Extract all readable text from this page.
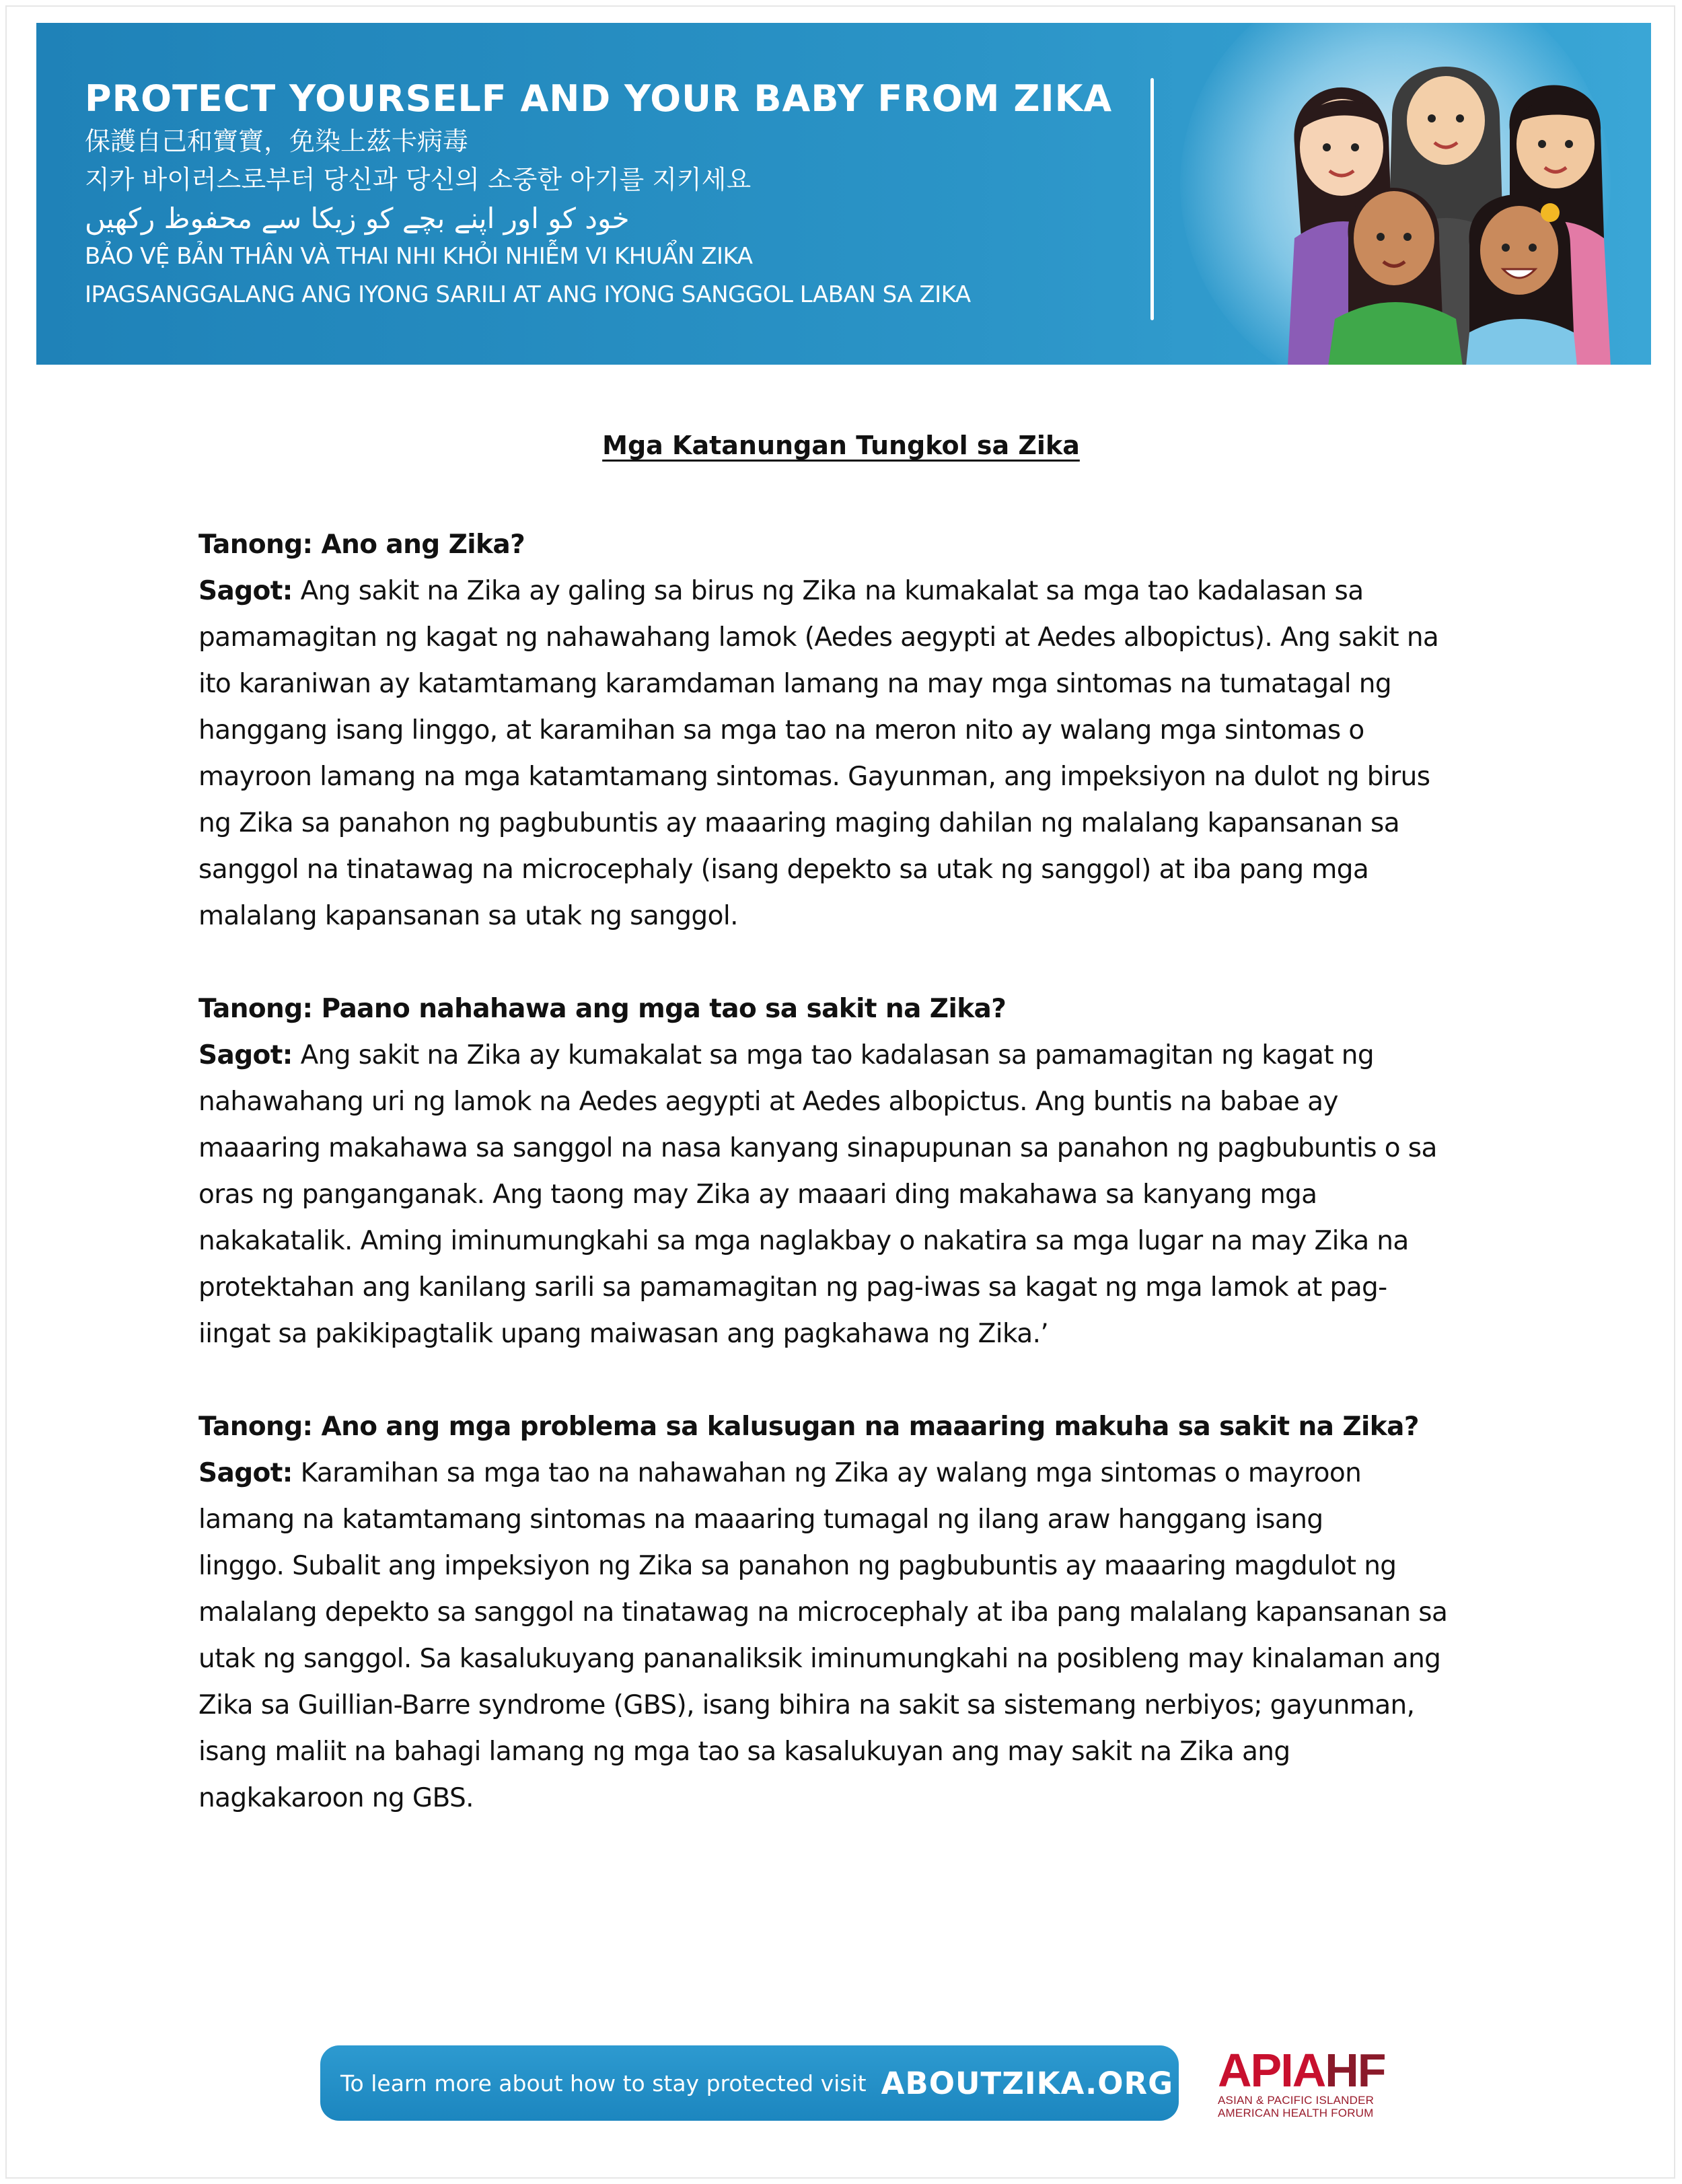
PROTECT YOURSELF AND YOUR BABY FROM ZIKA
保護自己和寶寶，免染上茲卡病毒
지카 바이러스로부터 당신과 당신의 소중한 아기를 지키세요
خود کو اور اپنے بچے کو زیکا سے محفوظ رکھیں
BẢO VỆ BẢN THÂN VÀ THAI NHI KHỎI NHIỄM VI KHUẨN ZIKA
IPAGSANGGALANG ANG IYONG SARILI AT ANG IYONG SANGGOL LABAN SA ZIKA
Mga Katanungan Tungkol sa Zika
Tanong: Ano ang Zika?
Sagot: Ang sakit na Zika ay galing sa birus ng Zika na kumakalat sa mga tao kadalasan sa
pamamagitan ng kagat ng nahawahang lamok (Aedes aegypti at Aedes albopictus). Ang sakit na
ito karaniwan ay katamtamang karamdaman lamang na may mga sintomas na tumatagal ng
hanggang isang linggo, at karamihan sa mga tao na meron nito ay walang mga sintomas o
mayroon lamang na mga katamtamang sintomas. Gayunman, ang impeksiyon na dulot ng birus
ng Zika sa panahon ng pagbubuntis ay maaaring maging dahilan ng malalang kapansanan sa
sanggol na tinatawag na microcephaly (isang depekto sa utak ng sanggol) at iba pang mga
malalang kapansanan sa utak ng sanggol.
Tanong: Paano nahahawa ang mga tao sa sakit na Zika?
Sagot: Ang sakit na Zika ay kumakalat sa mga tao kadalasan sa pamamagitan ng kagat ng
nahawahang uri ng lamok na Aedes aegypti at Aedes albopictus. Ang buntis na babae ay
maaaring makahawa sa sanggol na nasa kanyang sinapupunan sa panahon ng pagbubuntis o sa
oras ng panganganak. Ang taong may Zika ay maaari ding makahawa sa kanyang mga
nakakatalik. Aming iminumungkahi sa mga naglakbay o nakatira sa mga lugar na may Zika na
protektahan ang kanilang sarili sa pamamagitan ng pag-iwas sa kagat ng mga lamok at pag-
iingat sa pakikipagtalik upang maiwasan ang pagkahawa ng Zika.’
Tanong: Ano ang mga problema sa kalusugan na maaaring makuha sa sakit na Zika?
Sagot: Karamihan sa mga tao na nahawahan ng Zika ay walang mga sintomas o mayroon
lamang na katamtamang sintomas na maaaring tumagal ng ilang araw hanggang isang
linggo. Subalit ang impeksiyon ng Zika sa panahon ng pagbubuntis ay maaaring magdulot ng
malalang depekto sa sanggol na tinatawag na microcephaly at iba pang malalang kapansanan sa
utak ng sanggol. Sa kasalukuyang pananaliksik iminumungkahi na posibleng may kinalaman ang
Zika sa Guillian-Barre syndrome (GBS), isang bihira na sakit sa sistemang nerbiyos; gayunman,
isang maliit na bahagi lamang ng mga tao sa kasalukuyan ang may sakit na Zika ang
nagkakaroon ng GBS.
To learn more about how to stay protected visit ABOUTZIKA.ORG APIAHF
ASIAN & PACIFIC ISLANDER
AMERICAN HEALTH FORUM
